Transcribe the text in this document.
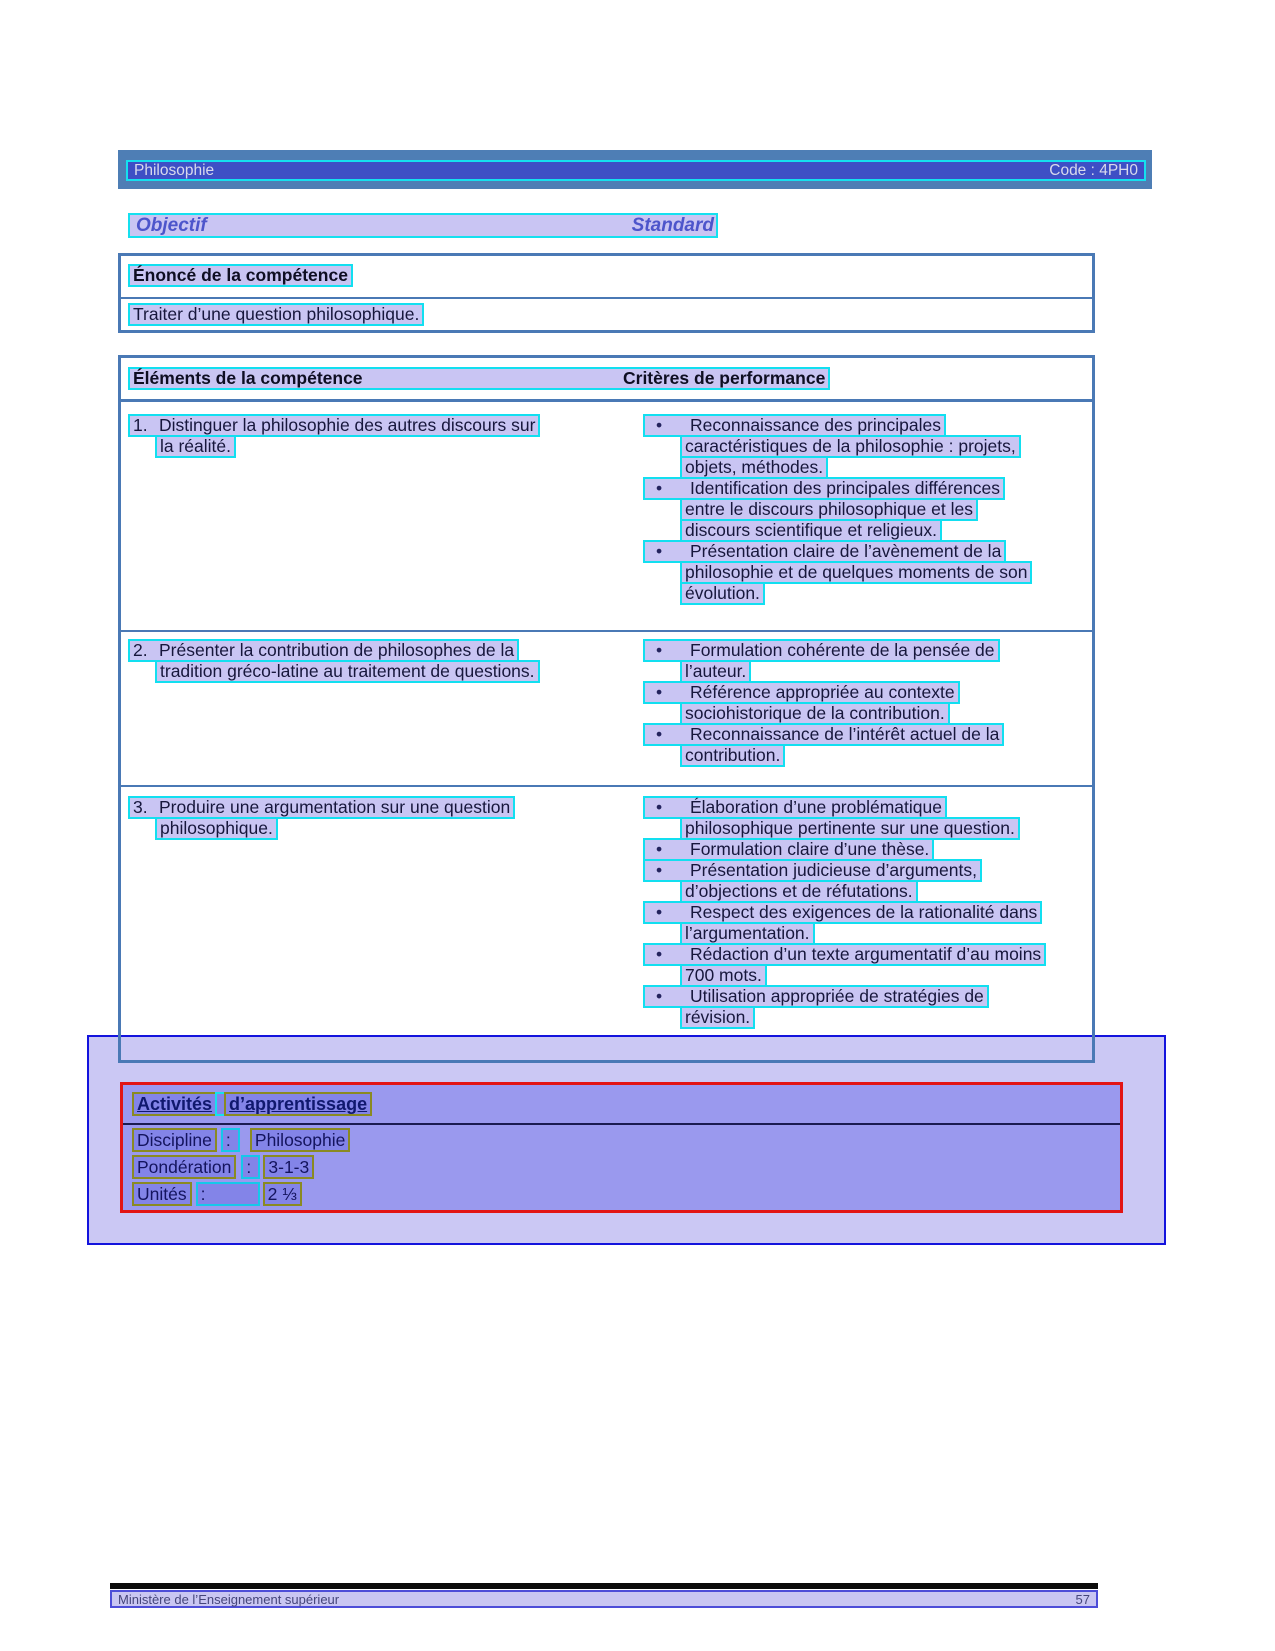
Philosophie	Code : 4PH0
Objectif	Standard
Énoncé de la compétence
Traiter d’une question philosophique.
Éléments de la compétence	Critères de performance
1. Distinguer la philosophie des autres discours sur
la réalité.
• Reconnaissance des principales
caractéristiques de la philosophie : projets,
objets, méthodes.
• Identification des principales différences
entre le discours philosophique et les
discours scientifique et religieux.
• Présentation claire de l’avènement de la
philosophie et de quelques moments de son
évolution.
2. Présenter la contribution de philosophes de la
tradition gréco-latine au traitement de questions.
• Formulation cohérente de la pensée de
l’auteur.
• Référence appropriée au contexte
sociohistorique de la contribution.
• Reconnaissance de l’intérêt actuel de la
contribution.
3. Produire une argumentation sur une question
philosophique.
• Élaboration d’une problématique
philosophique pertinente sur une question.
• Formulation claire d’une thèse.
• Présentation judicieuse d’arguments,
d’objections et de réfutations.
• Respect des exigences de la rationalité dans
l’argumentation.
• Rédaction d’un texte argumentatif d’au moins
700 mots.
• Utilisation appropriée de stratégies de
révision.
Activités d’apprentissage
Discipline : Philosophie
Pondération : 3-1-3
Unités :	2 ⅓
Ministère de l’Enseignement supérieur	57
